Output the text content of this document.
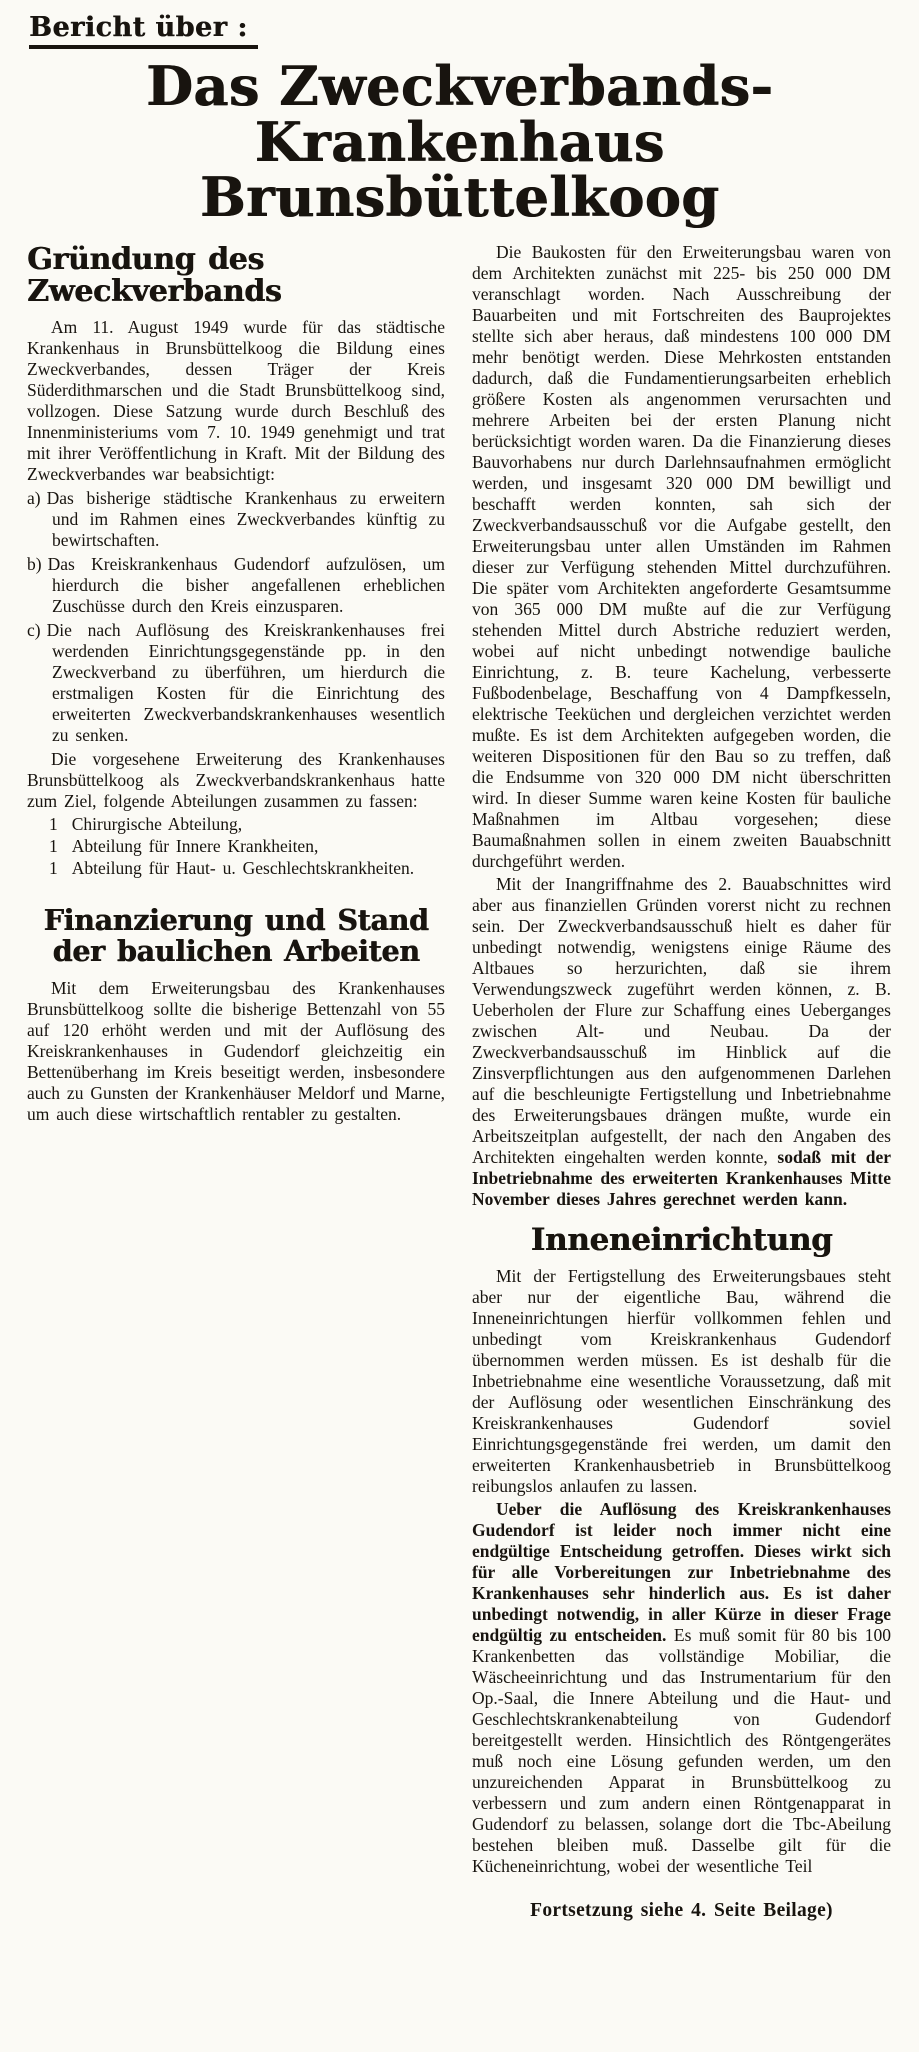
Bericht über :
Das Zweckverbands-
Krankenhaus Brunsbüttelkoog
Gründung des Zweckverbands

Am 11. August 1949 wurde für das städtische Krankenhaus in Brunsbüttelkoog die Bildung eines Zweckverbandes, dessen Träger der Kreis Süderdithmarschen und die Stadt Brunsbüttelkoog sind, vollzogen. Diese Satzung wurde durch Beschluß des Innenministeriums vom 7. 10. 1949 genehmigt und trat mit ihrer Veröffentlichung in Kraft. Mit der Bildung des Zweckverbandes war beabsichtigt:

a) Das bisherige städtische Krankenhaus zu erweitern und im Rahmen eines Zweckverbandes künftig zu bewirtschaften.
b) Das Kreiskrankenhaus Gudendorf aufzulösen, um hierdurch die bisher angefallenen erheblichen Zuschüsse durch den Kreis einzusparen.
c) Die nach Auflösung des Kreiskrankenhauses frei werdenden Einrichtungsgegenstände pp. in den Zweckverband zu überführen, um hierdurch die erstmaligen Kosten für die Einrichtung des erweiterten Zweckverbandskrankenhauses wesentlich zu senken.

Die vorgesehene Erweiterung des Krankenhauses Brunsbüttelkoog als Zweckverbandskrankenhaus hatte zum Ziel, folgende Abteilungen zusammen zu fassen:

1 Chirurgische Abteilung,
1 Abteilung für Innere Krankheiten,
1 Abteilung für Haut- u. Geschlechtskrankheiten.
Finanzierung und Stand
der baulichen Arbeiten

Mit dem Erweiterungsbau des Krankenhauses Brunsbüttelkoog sollte die bisherige Bettenzahl von 55 auf 120 erhöht werden und mit der Auflösung des Kreiskrankenhauses in Gudendorf gleichzeitig ein Bettenüberhang im Kreis beseitigt werden, insbesondere auch zu Gunsten der Krankenhäuser Meldorf und Marne, um auch diese wirtschaftlich rentabler zu gestalten.

Die Baukosten für den Erweiterungsbau waren von dem Architekten zunächst mit 225- bis 250 000 DM veranschlagt worden. Nach Ausschreibung der Bauarbeiten und mit Fortschreiten des Bauprojektes stellte sich aber heraus, daß mindestens 100 000 DM mehr benötigt werden. Diese Mehrkosten entstanden dadurch, daß die Fundamentierungsarbeiten erheblich größere Kosten als angenommen verursachten und mehrere Arbeiten bei der ersten Planung nicht berücksichtigt worden waren. Da die Finanzierung dieses Bauvorhabens nur durch Darlehnsaufnahmen ermöglicht werden, und insgesamt 320 000 DM bewilligt und beschafft werden konnten, sah sich der Zweckverbandsausschuß vor die Aufgabe gestellt, den Erweiterungsbau unter allen Umständen im Rahmen dieser zur Verfügung stehenden Mittel durchzuführen. Die später vom Architekten angeforderte Gesamtsumme von 365 000 DM mußte auf die zur Verfügung stehenden Mittel durch Abstriche reduziert werden, wobei auf nicht unbedingt notwendige bauliche Einrichtung, z. B. teure Kachelung, verbesserte Fußbodenbelage, Beschaffung von 4 Dampfkesseln, elektrische Teeküchen und dergleichen verzichtet werden mußte. Es ist dem Architekten aufgegeben worden, die weiteren Dispositionen für den Bau so zu treffen, daß die Endsumme von 320 000 DM nicht überschritten wird. In dieser Summe waren keine Kosten für bauliche Maßnahmen im Altbau vorgesehen; diese Baumaßnahmen sollen in einem zweiten Bauabschnitt durchgeführt werden.

Mit der Inangriffnahme des 2. Bauabschnittes wird aber aus finanziellen Gründen vorerst nicht zu rechnen sein. Der Zweckverbandsausschuß hielt es daher für unbedingt notwendig, wenigstens einige Räume des Altbaues so herzurichten, daß sie ihrem Verwendungszweck zugeführt werden können, z. B. Ueberholen der Flure zur Schaffung eines Ueberganges zwischen Alt- und Neubau. Da der Zweckverbandsausschuß im Hinblick auf die Zinsverpflichtungen aus den aufgenommenen Darlehen auf die beschleunigte Fertigstellung und Inbetriebnahme des Erweiterungsbaues drängen mußte, wurde ein Arbeitszeitplan aufgestellt, der nach den Angaben des Architekten eingehalten werden konnte, sodaß mit der Inbetriebnahme des erweiterten Krankenhauses Mitte November dieses Jahres gerechnet werden kann.

Inneneinrichtung

Mit der Fertigstellung des Erweiterungsbaues steht aber nur der eigentliche Bau, während die Inneneinrichtungen hierfür vollkommen fehlen und unbedingt vom Kreiskrankenhaus Gudendorf übernommen werden müssen. Es ist deshalb für die Inbetriebnahme eine wesentliche Voraussetzung, daß mit der Auflösung oder wesentlichen Einschränkung des Kreiskrankenhauses Gudendorf soviel Einrichtungsgegenstände frei werden, um damit den erweiterten Krankenhausbetrieb in Brunsbüttelkoog reibungslos anlaufen zu lassen.

Ueber die Auflösung des Kreiskrankenhauses Gudendorf ist leider noch immer nicht eine endgültige Entscheidung getroffen. Dieses wirkt sich für alle Vorbereitungen zur Inbetriebnahme des Krankenhauses sehr hinderlich aus. Es ist daher unbedingt notwendig, in aller Kürze in dieser Frage endgültig zu entscheiden. Es muß somit für 80 bis 100 Krankenbetten das vollständige Mobiliar, die Wäscheeinrichtung und das Instrumentarium für den Op.-Saal, die Innere Abteilung und die Haut- und Geschlechtskrankenabteilung von Gudendorf bereitgestellt werden. Hinsichtlich des Röntgengerätes muß noch eine Lösung gefunden werden, um den unzureichenden Apparat in Brunsbüttelkoog zu verbessern und zum andern einen Röntgenapparat in Gudendorf zu belassen, solange dort die Tbc-Abeilung bestehen bleiben muß. Dasselbe gilt für die Kücheneinrichtung, wobei der wesentliche Teil

Fortsetzung siehe 4. Seite Beilage)
